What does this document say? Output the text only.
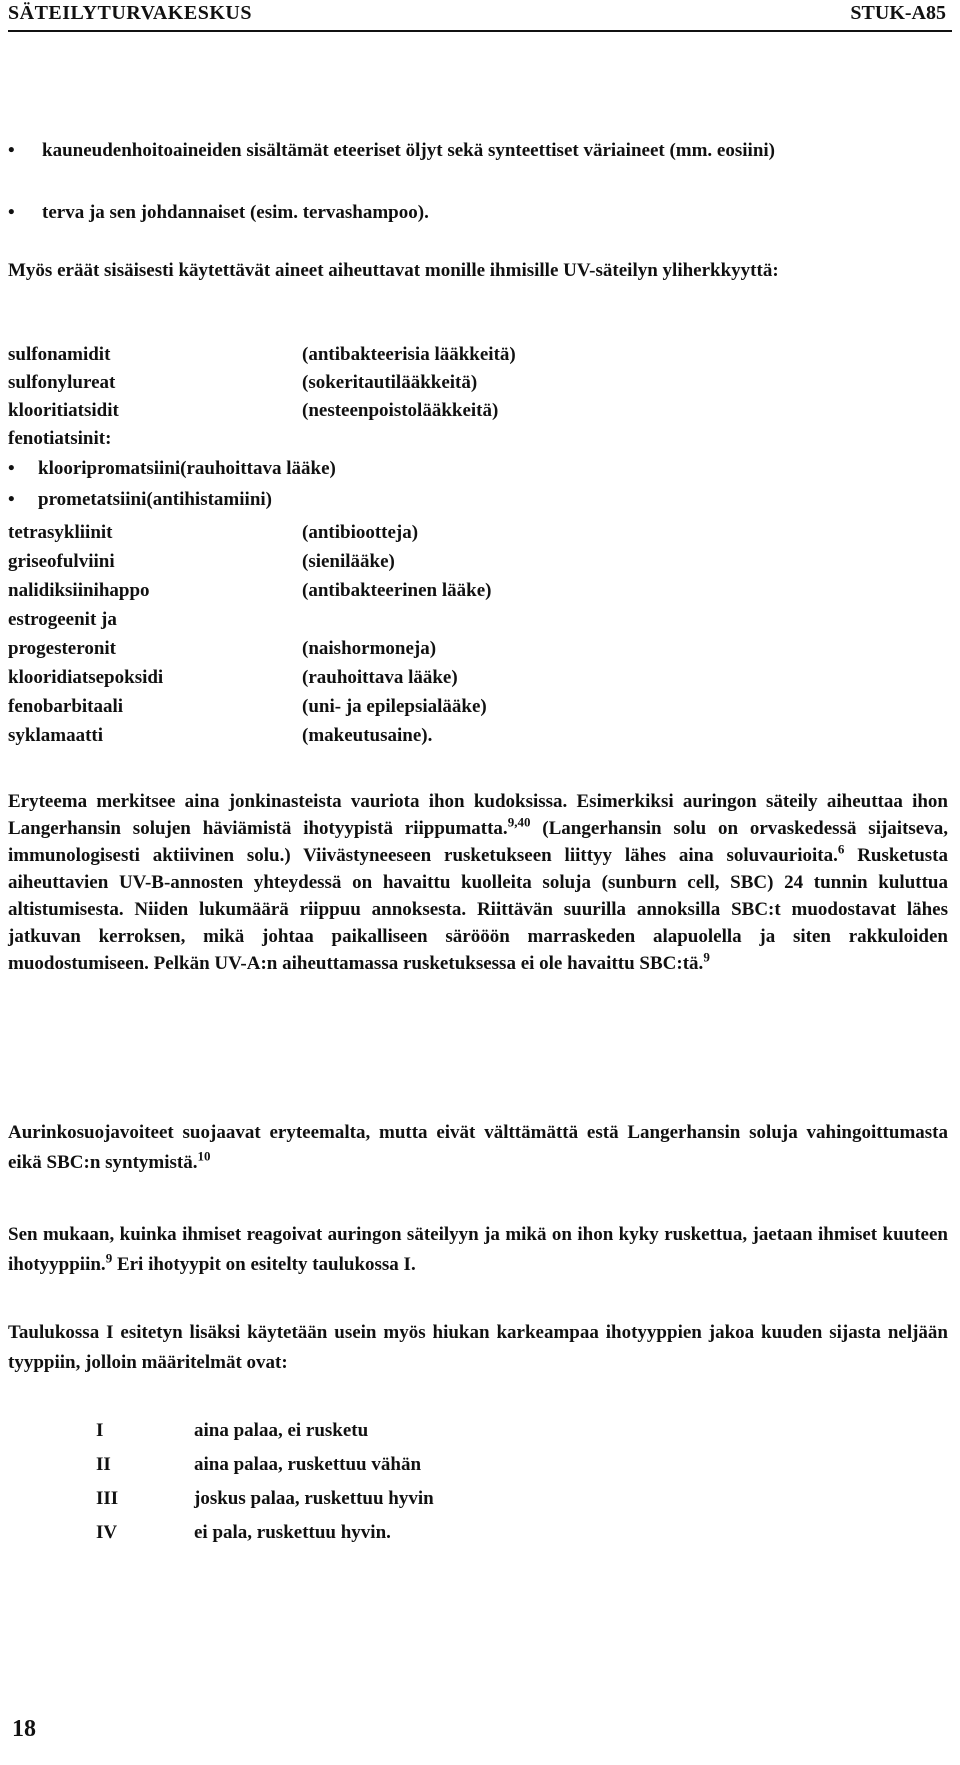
SÄTEILYTURVAKESKUS	STUK-A85
• kauneudenhoitoaineiden sisältämät eteeriset öljyt sekä synteettiset väriaineet (mm. eosiini)
• terva ja sen johdannaiset (esim. tervashampoo).
Myös eräät sisäisesti käytettävät aineet aiheuttavat monille ihmisille UV-säteilyn yliherkkyyttä:
sulfonamidit	(antibakteerisia lääkkeitä)
sulfonylureat	(sokeritautilääkkeitä)
klooritiatsidit	(nesteenpoistolääkkeitä)
fenotiatsinit:
• klooripromatsiini(rauhoittava lääke)
• prometatsiini(antihistamiini)
tetrasykliinit	(antibiootteja)
griseofulviini	(sienilääke)
nalidiksiinihappo	(antibakteerinen lääke)
estrogeenit ja
progesteronit	(naishormoneja)
klooridiatsepoksidi	(rauhoittava lääke)
fenobarbitaali	(uni- ja epilepsialääke)
syklamaatti	(makeutusaine).

Eryteema merkitsee aina jonkinasteista vauriota ihon kudoksissa. Esimerkiksi auringon säteily aiheuttaa ihon Langerhansin solujen häviämistä ihotyypistä riippumatta.$^{9,40}$ (Langerhansin solu on orvaskedessä sijaitseva, immunologisesti aktiivinen solu.) Viivästyneeseen rusketukseen liittyy lähes aina soluvaurioita.$^6$ Rusketusta aiheuttavien UV-B-annosten yhteydessä on havaittu kuolleita soluja (sunburn cell, SBC) 24 tunnin kuluttua altistumisesta. Niiden lukumäärä riippuu annoksesta. Riittävän suurilla annoksilla SBC:t muodostavat lähes jatkuvan kerroksen, mikä johtaa paikalliseen särööön marraskeden alapuolella ja siten rakkuloiden muodostumiseen. Pelkän UV-A:n aiheuttamassa rusketuksessa ei ole havaittu SBC:tä.$^9$

Aurinkosuojavoiteet suojaavat eryteemalta, mutta eivät välttämättä estä Langerhansin soluja vahingoittumasta eikä SBC:n syntymistä.$^{10}$

Sen mukaan, kuinka ihmiset reagoivat auringon säteilyyn ja mikä on ihon kyky ruskettua, jaetaan ihmiset kuuteen ihotyyppiin.$^9$ Eri ihotyypit on esitelty taulukossa I.

Taulukossa I esitetyn lisäksi käytetään usein myös hiukan karkeampaa ihotyyppien jakoa kuuden sijasta neljään tyyppiin, jolloin määritelmät ovat:
I	aina palaa, ei rusketu
II	aina palaa, ruskettuu vähän
III	joskus palaa, ruskettuu hyvin
IV	ei pala, ruskettuu hyvin.
18
